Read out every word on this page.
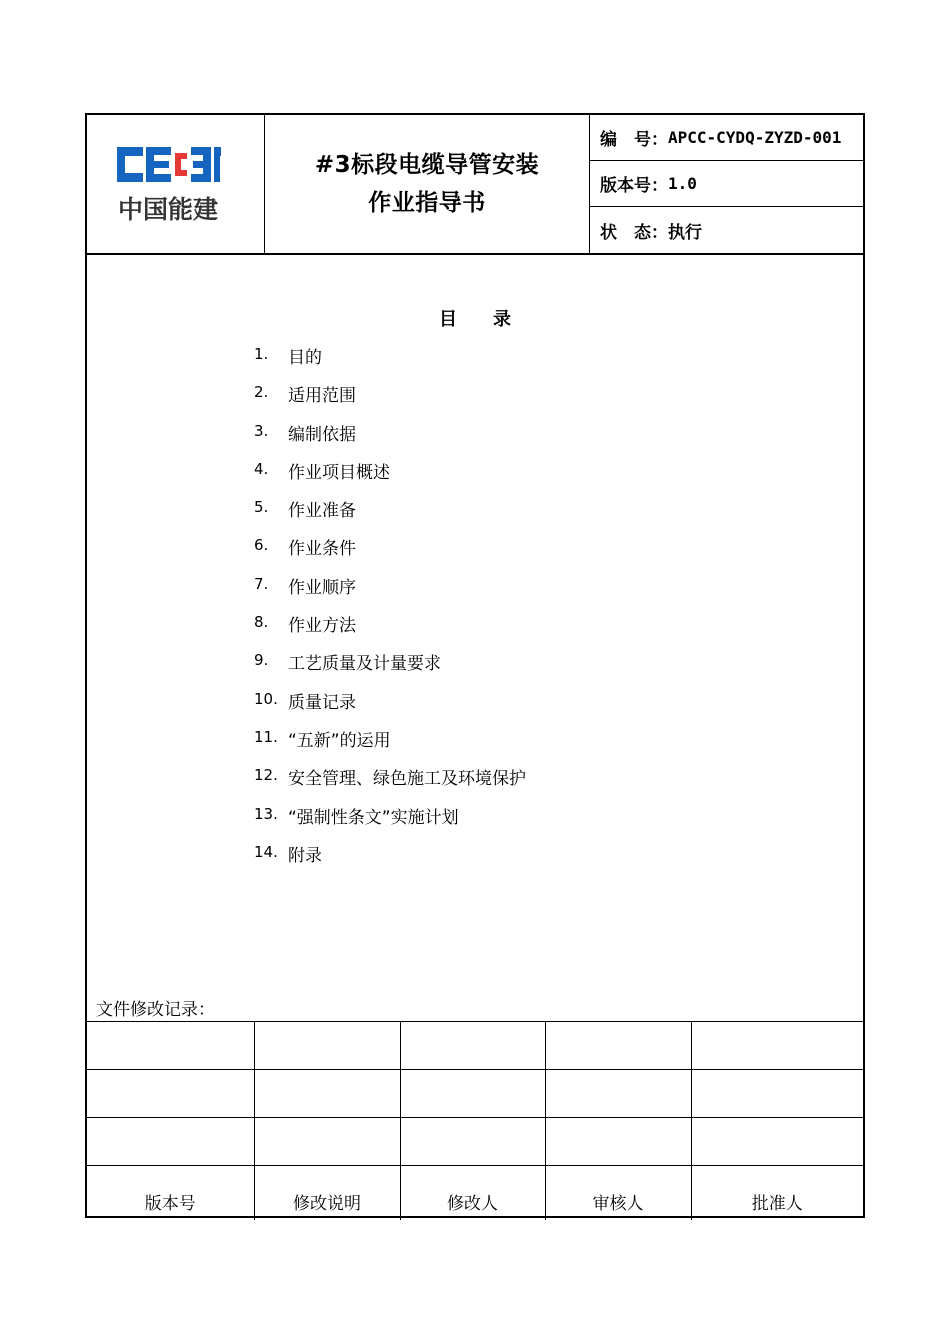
中国能建
#3标段电缆导管安装
作业指导书
编　号： APCC-CYDQ-ZYZD-001
版本号： 1.0
状　态： 执行
目　　录
1.	目的
2.	适用范围
3.	编制依据
4.	作业项目概述
5.	作业准备
6.	作业条件
7.	作业顺序
8.	作业方法
9.	工艺质量及计量要求
10. 质量记录
11. “五新”的运用
12. 安全管理、绿色施工及环境保护
13. “强制性条文”实施计划
14. 附录
文件修改记录：

版本号	修改说明	修改人	审核人	批准人
